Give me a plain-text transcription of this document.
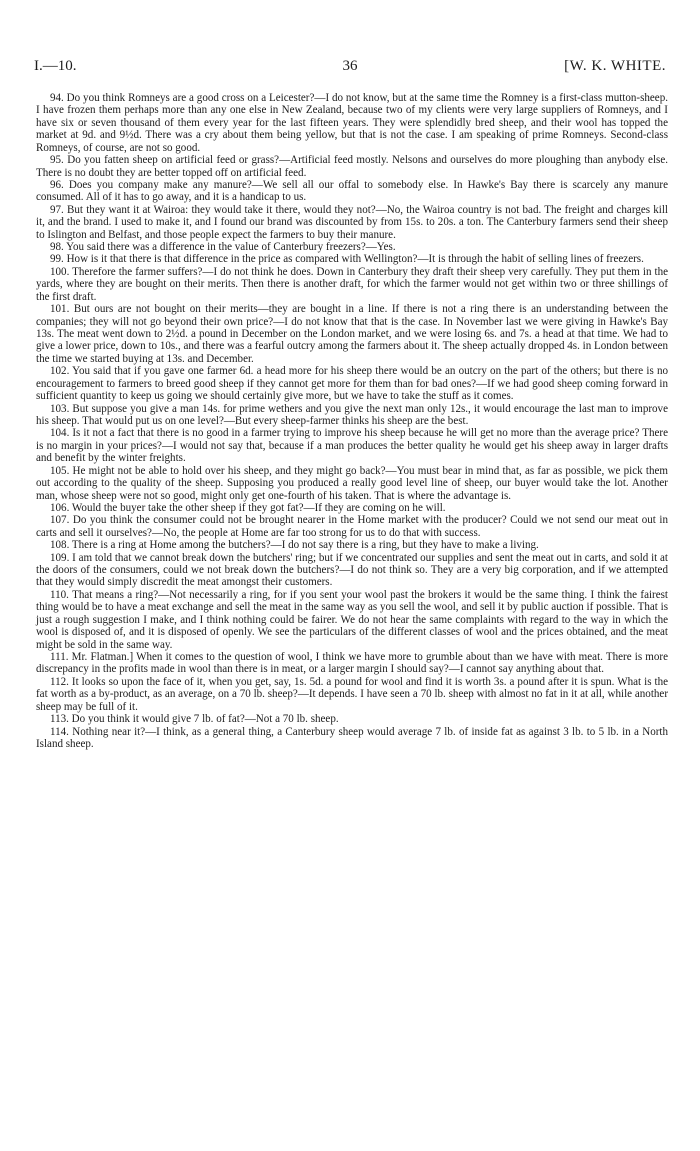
I.—10.	36	[W. K. WHITE.

94. Do you think Romneys are a good cross on a Leicester?—I do not know, but at the same time the Romney is a first-class mutton-sheep. I have frozen them perhaps more than any one else in New Zealand, because two of my clients were very large suppliers of Romneys, and I have six or seven thousand of them every year for the last fifteen years. They were splendidly bred sheep, and their wool has topped the market at 9d. and 9½d. There was a cry about them being yellow, but that is not the case. I am speaking of prime Romneys. Second-class Romneys, of course, are not so good.

95. Do you fatten sheep on artificial feed or grass?—Artificial feed mostly. Nelsons and ourselves do more ploughing than anybody else. There is no doubt they are better topped off on artificial feed.

96. Does you company make any manure?—We sell all our offal to somebody else. In Hawke's Bay there is scarcely any manure consumed. All of it has to go away, and it is a handicap to us.

97. But they want it at Wairoa: they would take it there, would they not?—No, the Wairoa country is not bad. The freight and charges kill it, and the brand. I used to make it, and I found our brand was discounted by from 15s. to 20s. a ton. The Canterbury farmers send their sheep to Islington and Belfast, and those people expect the farmers to buy their manure.

98. You said there was a difference in the value of Canterbury freezers?—Yes.

99. How is it that there is that difference in the price as compared with Wellington?—It is through the habit of selling lines of freezers.

100. Therefore the farmer suffers?—I do not think he does. Down in Canterbury they draft their sheep very carefully. They put them in the yards, where they are bought on their merits. Then there is another draft, for which the farmer would not get within two or three shillings of the first draft.

101. But ours are not bought on their merits—they are bought in a line. If there is not a ring there is an understanding between the companies; they will not go beyond their own price?—I do not know that that is the case. In November last we were giving in Hawke's Bay 13s. The meat went down to 2½d. a pound in December on the London market, and we were losing 6s. and 7s. a head at that time. We had to give a lower price, down to 10s., and there was a fearful outcry among the farmers about it. The sheep actually dropped 4s. in London between the time we started buying at 13s. and December.

102. You said that if you gave one farmer 6d. a head more for his sheep there would be an outcry on the part of the others; but there is no encouragement to farmers to breed good sheep if they cannot get more for them than for bad ones?—If we had good sheep coming forward in sufficient quantity to keep us going we should certainly give more, but we have to take the stuff as it comes.

103. But suppose you give a man 14s. for prime wethers and you give the next man only 12s., it would encourage the last man to improve his sheep. That would put us on one level?—But every sheep-farmer thinks his sheep are the best.

104. Is it not a fact that there is no good in a farmer trying to improve his sheep because he will get no more than the average price? There is no margin in your prices?—I would not say that, because if a man produces the better quality he would get his sheep away in larger drafts and benefit by the winter freights.

105. He might not be able to hold over his sheep, and they might go back?—You must bear in mind that, as far as possible, we pick them out according to the quality of the sheep. Supposing you produced a really good level line of sheep, our buyer would take the lot. Another man, whose sheep were not so good, might only get one-fourth of his taken. That is where the advantage is.

106. Would the buyer take the other sheep if they got fat?—If they are coming on he will.

107. Do you think the consumer could not be brought nearer in the Home market with the producer? Could we not send our meat out in carts and sell it ourselves?—No, the people at Home are far too strong for us to do that with success.

108. There is a ring at Home among the butchers?—I do not say there is a ring, but they have to make a living.

109. I am told that we cannot break down the butchers' ring; but if we concentrated our supplies and sent the meat out in carts, and sold it at the doors of the consumers, could we not break down the butchers?—I do not think so. They are a very big corporation, and if we attempted that they would simply discredit the meat amongst their customers.

110. That means a ring?—Not necessarily a ring, for if you sent your wool past the brokers it would be the same thing. I think the fairest thing would be to have a meat exchange and sell the meat in the same way as you sell the wool, and sell it by public auction if possible. That is just a rough suggestion I make, and I think nothing could be fairer. We do not hear the same complaints with regard to the way in which the wool is disposed of, and it is disposed of openly. We see the particulars of the different classes of wool and the prices obtained, and the meat might be sold in the same way.

111. Mr. Flatman.] When it comes to the question of wool, I think we have more to grumble about than we have with meat. There is more discrepancy in the profits made in wool than there is in meat, or a larger margin I should say?—I cannot say anything about that.

112. It looks so upon the face of it, when you get, say, 1s. 5d. a pound for wool and find it is worth 3s. a pound after it is spun. What is the fat worth as a by-product, as an average, on a 70 lb. sheep?—It depends. I have seen a 70 lb. sheep with almost no fat in it at all, while another sheep may be full of it.

113. Do you think it would give 7 lb. of fat?—Not a 70 lb. sheep.

114. Nothing near it?—I think, as a general thing, a Canterbury sheep would average 7 lb. of inside fat as against 3 lb. to 5 lb. in a North Island sheep.
